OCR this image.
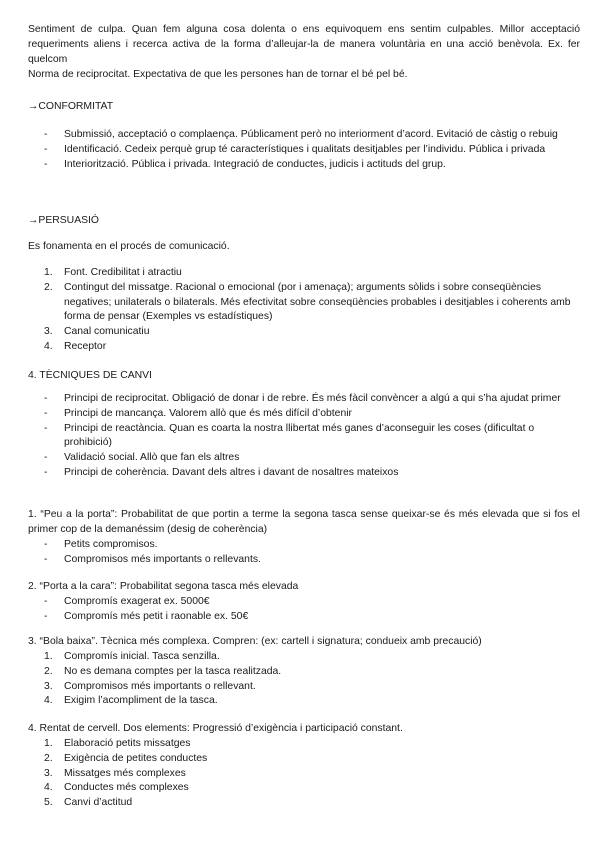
Sentiment de culpa. Quan fem alguna cosa dolenta o ens equivoquem ens sentim culpables. Millor acceptació requeriments aliens i recerca activa de la forma d’alleujar-la de manera voluntària en una acció benèvola. Ex. fer quelcom
Norma de reciprocitat. Expectativa de que les persones han de tornar el bé pel bé.
→CONFORMITAT
- Submissió, acceptació o complaença. Públicament però no interiorment d’acord. Evitació de càstig o rebuig
- Identificació. Cedeix perquè grup té característiques i qualitats desitjables per l’individu. Pública i privada
- Interiorització. Pública i privada. Integració de conductes, judicis i actituds del grup.
→PERSUASIÓ
Es fonamenta en el procés de comunicació.
1.	Font. Credibilitat i atractiu
2.	Contingut del missatge. Racional o emocional (por i amenaça); arguments sòlids i sobre conseqüències negatives; unilaterals o bilaterals. Més efectivitat sobre conseqüències probables i desitjables i coherents amb forma de pensar (Exemples vs estadístiques)
3.	Canal comunicatiu
4.	Receptor
4. TÈCNIQUES DE CANVI
- Principi de reciprocitat. Obligació de donar i de rebre. És més fàcil convèncer a algú a qui s’ha ajudat primer
- Principi de mancança. Valorem allò que és més difícil d’obtenir
- Principi de reactància. Quan es coarta la nostra llibertat més ganes d’aconseguir les coses (dificultat o prohibició)
- Validació social. Allò que fan els altres
- Principi de coherència. Davant dels altres i davant de nosaltres mateixos
1. “Peu a la porta”: Probabilitat de que portin a terme la segona tasca sense queixar-se és més elevada que si fos el primer cop de la demanéssim (desig de coherència)
- Petits compromisos.
- Compromisos més importants o rellevants.
2. “Porta a la cara”: Probabilitat segona tasca més elevada
- Compromís exagerat ex. 5000€
- Compromís més petit i raonable ex. 50€
3. “Bola baixa”. Tècnica més complexa. Compren: (ex: cartell i signatura; condueix amb precaució)
1.	Compromís inicial. Tasca senzilla.
2.	No es demana comptes per la tasca realitzada.
3.	Compromisos més importants o rellevant.
4.	Exigim l’acompliment de la tasca.
4. Rentat de cervell. Dos elements: Progressió d’exigència i participació constant.
1.	Elaboració petits missatges
2.	Exigència de petites conductes
3.	Missatges més complexes
4.	Conductes més complexes
5.	Canvi d’actitud
